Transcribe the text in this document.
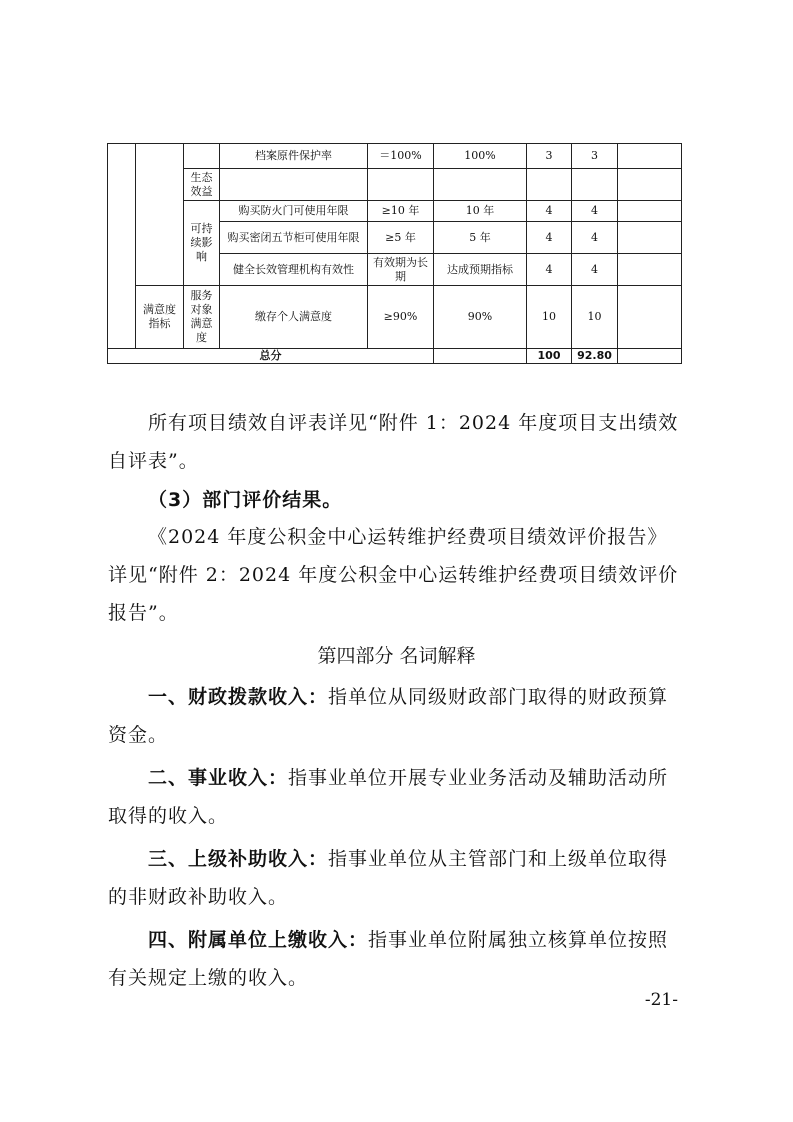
			档案原件保护率	＝100%	100%	3	3	
		生态效益						
		可持续影响	购买防火门可使用年限	≥10 年	10 年	4	4	
			购买密闭五节柜可使用年限	≥5 年	5 年	4	4	
			健全长效管理机构有效性	有效期为长期	达成预期指标	4	4	
	满意度指标	服务对象满意度	缴存个人满意度	≥90%	90%	10	10	
总分						100	92.80	

所有项目绩效自评表详见“附件 1：2024 年度项目支出绩效自评表”。

（3）部门评价结果。

《2024 年度公积金中心运转维护经费项目绩效评价报告》详见“附件 2：2024 年度公积金中心运转维护经费项目绩效评价报告”。

第四部分 名词解释

一、财政拨款收入：指单位从同级财政部门取得的财政预算资金。

二、事业收入：指事业单位开展专业业务活动及辅助活动所取得的收入。

三、上级补助收入：指事业单位从主管部门和上级单位取得的非财政补助收入。

四、附属单位上缴收入：指事业单位附属独立核算单位按照有关规定上缴的收入。

-21-
